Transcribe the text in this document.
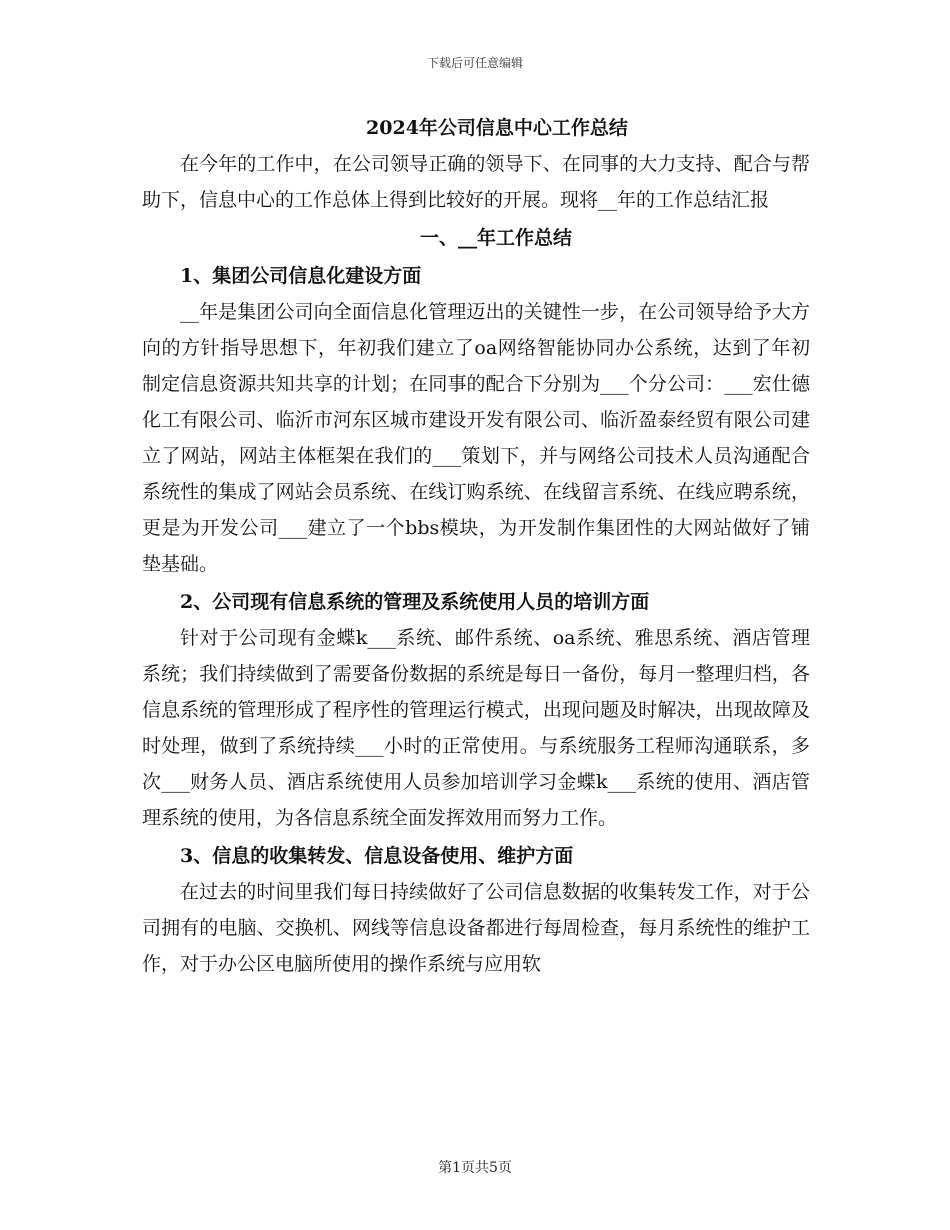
下载后可任意编辑
2024年公司信息中心工作总结

在今年的工作中，在公司领导正确的领导下、在同事的大力支持、配合与帮助下，信息中心的工作总体上得到比较好的开展。现将__年的工作总结汇报

一、__年工作总结
1、集团公司信息化建设方面

__年是集团公司向全面信息化管理迈出的关键性一步，在公司领导给予大方向的方针指导思想下，年初我们建立了oa网络智能协同办公系统，达到了年初制定信息资源共知共享的计划；在同事的配合下分别为___个分公司：___宏仕德化工有限公司、临沂市河东区城市建设开发有限公司、临沂盈泰经贸有限公司建立了网站，网站主体框架在我们的___策划下，并与网络公司技术人员沟通配合系统性的集成了网站会员系统、在线订购系统、在线留言系统、在线应聘系统，更是为开发公司___建立了一个bbs模块，为开发制作集团性的大网站做好了铺垫基础。

2、公司现有信息系统的管理及系统使用人员的培训方面

针对于公司现有金蝶k___系统、邮件系统、oa系统、雅思系统、酒店管理系统；我们持续做到了需要备份数据的系统是每日一备份，每月一整理归档，各信息系统的管理形成了程序性的管理运行模式，出现问题及时解决，出现故障及时处理，做到了系统持续___小时的正常使用。与系统服务工程师沟通联系，多次___财务人员、酒店系统使用人员参加培训学习金蝶k___系统的使用、酒店管理系统的使用，为各信息系统全面发挥效用而努力工作。

3、信息的收集转发、信息设备使用、维护方面

在过去的时间里我们每日持续做好了公司信息数据的收集转发工作，对于公司拥有的电脑、交换机、网线等信息设备都进行每周检查，每月系统性的维护工作，对于办公区电脑所使用的操作系统与应用软

第1页共5页
